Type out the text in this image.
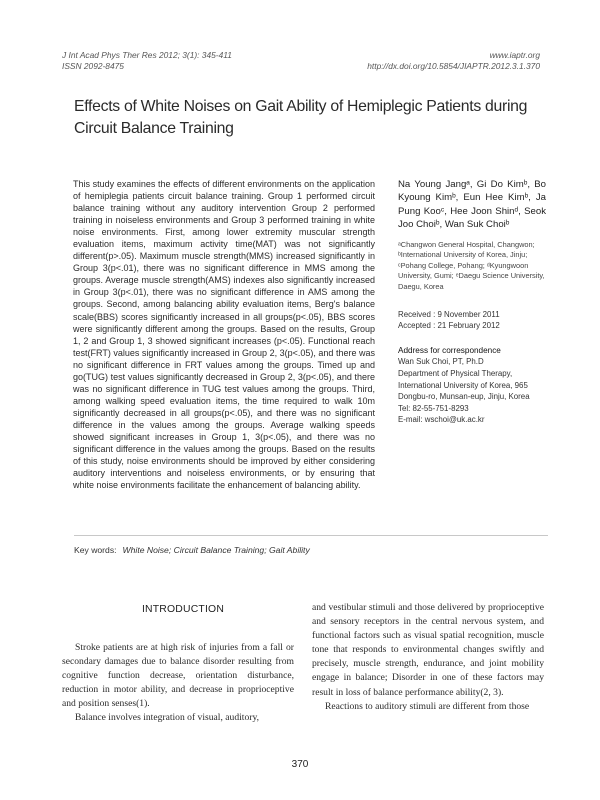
J Int Acad Phys Ther Res 2012; 3(1): 345-411
ISSN 2092-8475
www.iaptr.org
http://dx.doi.org/10.5854/JIAPTR.2012.3.1.370
Effects of White Noises on Gait Ability of Hemiplegic Patients during Circuit Balance Training

This study examines the effects of different environments on the application of hemiplegia patients circuit balance training. Group 1 performed circuit balance training without any auditory intervention Group 2 performed training in noiseless environments and Group 3 performed training in white noise environments. First, among lower extremity muscular strength evaluation items, maximum activity time(MAT) was not significantly different(p>.05). Maximum muscle strength(MMS) increased significantly in Group 3(p<.01), there was no significant difference in MMS among the groups. Average muscle strength(AMS) indexes also significantly increased in Group 3(p<.01), there was no significant difference in AMS among the groups. Second, among balancing ability evaluation items, Berg's balance scale(BBS) scores significantly increased in all groups(p<.05), BBS scores were significantly different among the groups. Based on the results, Group 1, 2 and Group 1, 3 showed significant increases (p<.05). Functional reach test(FRT) values significantly increased in Group 2, 3(p<.05), and there was no significant difference in FRT values among the groups. Timed up and go(TUG) test values significantly decreased in Group 2, 3(p<.05), and there was no significant difference in TUG test values among the groups. Third, among walking speed evaluation items, the time required to walk 10m significantly decreased in all groups(p<.05), and there was no significant difference in the values among the groups. Average walking speeds showed significant increases in Group 1, 3(p<.05), and there was no significant difference in the values among the groups. Based on the results of this study, noise environments should be improved by either considering auditory interventions and noiseless environments, or by ensuring that white noise environments facilitate the enhancement of balancing ability.

Na Young Jangᵃ, Gi Do Kimᵇ, Bo Kyoung Kimᵇ, Eun Hee Kimᵇ, Ja Pung Kooᶜ, Hee Joon Shinᵈ, Seok Joo Choiᵇ, Wan Suk Choiᵇ

ᵃChangwon General Hospital, Changwon; ᵇInternational University of Korea, Jinju; ᶜPohang College, Pohang; ᵈKyungwoon University, Gumi; ᵉDaegu Science University, Daegu, Korea
Received : 9 November 2011
Accepted : 21 February 2012
Address for correspondence
Wan Suk Choi, PT, Ph.D
Department of Physical Therapy, International University of Korea, 965 Dongbu-ro, Munsan-eup, Jinju, Korea
Tel: 82-55-751-8293
E-mail: wschoi@uk.ac.kr
Key words: White Noise; Circuit Balance Training; Gait Ability
INTRODUCTION

Stroke patients are at high risk of injuries from a fall or secondary damages due to balance disorder resulting from cognitive function decrease, orientation disturbance, reduction in motor ability, and decrease in proprioceptive and position senses(1).

Balance involves integration of visual, auditory,

and vestibular stimuli and those delivered by proprioceptive and sensory receptors in the central nervous system, and functional factors such as visual spatial recognition, muscle tone that responds to environmental changes swiftly and precisely, muscle strength, endurance, and joint mobility engage in balance; Disorder in one of these factors may result in loss of balance performance ability(2, 3).

Reactions to auditory stimuli are different from those

370
